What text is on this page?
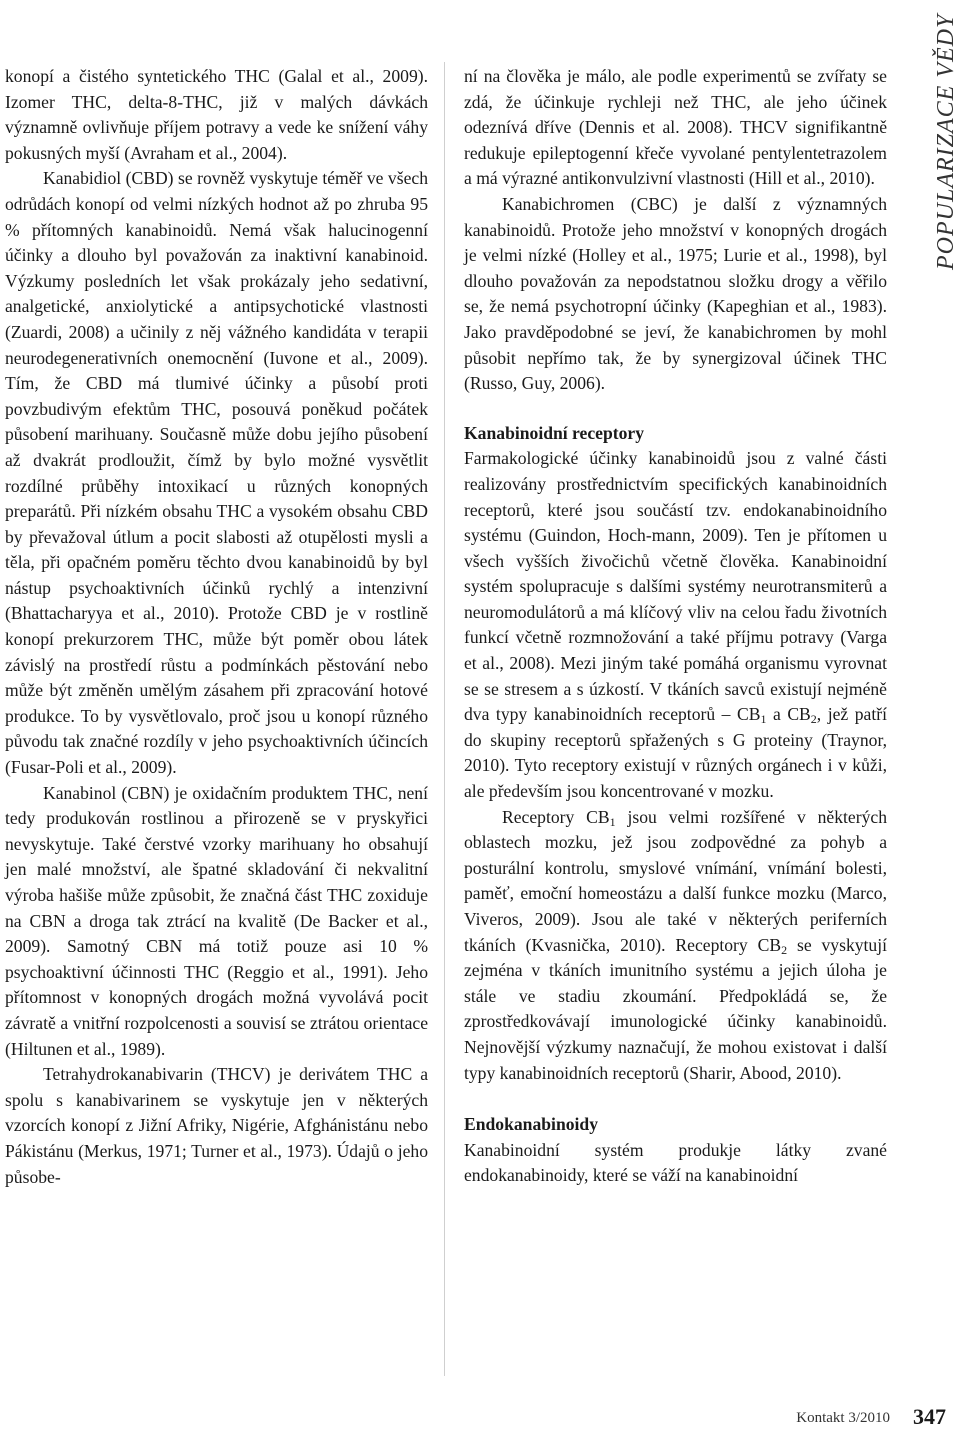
konopí a čistého syntetického THC (Galal et al., 2009). Izomer THC, delta-8-THC, již v malých dávkách významně ovlivňuje příjem potravy a vede ke snížení váhy pokusných myší (Avraham et al., 2004).

Kanabidiol (CBD) se rovněž vyskytuje téměř ve všech odrůdách konopí od velmi nízkých hodnot až po zhruba 95 % přítomných kanabinoidů. Nemá však halucinogenní účinky a dlouho byl považován za inaktivní kanabinoid. Výzkumy posledních let však prokázaly jeho sedativní, analgetické, anxiolytické a antipsychotické vlastnosti (Zuardi, 2008) a učinily z něj vážného kandidáta v terapii neurodegenerativních onemocnění (Iuvone et al., 2009). Tím, že CBD má tlumivé účinky a působí proti povzbudivým efektům THC, posouvá poněkud počátek působení marihuany. Současně může dobu jejího působení až dvakrát prodloužit, čímž by bylo možné vysvětlit rozdílné průběhy intoxikací u různých konopných preparátů. Při nízkém obsahu THC a vysokém obsahu CBD by převažoval útlum a pocit slabosti až otupělosti mysli a těla, při opačném poměru těchto dvou kanabinoidů by byl nástup psychoaktivních účinků rychlý a intenzivní (Bhattacharyya et al., 2010). Protože CBD je v rostlině konopí prekurzorem THC, může být poměr obou látek závislý na prostředí růstu a podmínkách pěstování nebo může být změněn umělým zásahem při zpracování hotové produkce. To by vysvětlovalo, proč jsou u konopí různého původu tak značné rozdíly v jeho psychoaktivních účincích (Fusar-Poli et al., 2009).

Kanabinol (CBN) je oxidačním produktem THC, není tedy produkován rostlinou a přirozeně se v pryskyřici nevyskytuje. Také čerstvé vzorky marihuany ho obsahují jen malé množství, ale špatné skladování či nekvalitní výroba hašiše může způsobit, že značná část THC zoxiduje na CBN a droga tak ztrácí na kvalitě (De Backer et al., 2009). Samotný CBN má totiž pouze asi 10 % psychoaktivní účinnosti THC (Reggio et al., 1991). Jeho přítomnost v konopných drogách možná vyvolává pocit závratě a vnitřní rozpolcenosti a souvisí se ztrátou orientace (Hiltunen et al., 1989).

Tetrahydrokanabivarin (THCV) je derivátem THC a spolu s kanabivarinem se vyskytuje jen v některých vzorcích konopí z Jižní Afriky, Nigérie, Afghánistánu nebo Pákistánu (Merkus, 1971; Turner et al., 1973). Údajů o jeho působe-

ní na člověka je málo, ale podle experimentů se zvířaty se zdá, že účinkuje rychleji než THC, ale jeho účinek odeznívá dříve (Dennis et al. 2008). THCV signifikantně redukuje epileptogenní křeče vyvolané pentylentetrazolem a má výrazné antikonvulzivní vlastnosti (Hill et al., 2010).

Kanabichromen (CBC) je další z významných kanabinoidů. Protože jeho množství v konopných drogách je velmi nízké (Holley et al., 1975; Lurie et al., 1998), byl dlouho považován za nepodstatnou složku drogy a věřilo se, že nemá psychotropní účinky (Kapeghian et al., 1983). Jako pravděpodobné se jeví, že kanabichromen by mohl působit nepřímo tak, že by synergizoval účinek THC (Russo, Guy, 2006).

Kanabinoidní receptory

Farmakologické účinky kanabinoidů jsou z valné části realizovány prostřednictvím specifických kanabinoidních receptorů, které jsou součástí tzv. endokanabinoidního systému (Guindon, Hoch-mann, 2009). Ten je přítomen u všech vyšších živočichů včetně člověka. Kanabinoidní systém spolupracuje s dalšími systémy neurotransmiterů a neuromodulátorů a má klíčový vliv na celou řadu životních funkcí včetně rozmnožování a také příjmu potravy (Varga et al., 2008). Mezi jiným také pomáhá organismu vyrovnat se se stresem a s úzkostí. V tkáních savců existují nejméně dva typy kanabinoidních receptorů – $CB_1$ a $CB_2$, jež patří do skupiny receptorů spřažených s G proteiny (Traynor, 2010). Tyto receptory existují v různých orgánech i v kůži, ale především jsou koncentrované v mozku.

Receptory $CB_1$ jsou velmi rozšířené v některých oblastech mozku, jež jsou zodpovědné za pohyb a posturální kontrolu, smyslové vnímání, vnímání bolesti, paměť, emoční homeostázu a další funkce mozku (Marco, Viveros, 2009). Jsou ale také v některých periferních tkáních (Kvasnička, 2010). Receptory $CB_2$ se vyskytují zejména v tkáních imunitního systému a jejich úloha je stále ve stadiu zkoumání. Předpokládá se, že zprostředkovávají imunologické účinky kanabinoidů. Nejnovější výzkumy naznačují, že mohou existovat i další typy kanabinoidních receptorů (Sharir, Abood, 2010).

Endokanabinoidy

Kanabinoidní systém produkje látky zvané endokanabinoidy, které se váží na kanabinoidní

POPULARIZACE VĚDY
Kontakt 3/2010 347
